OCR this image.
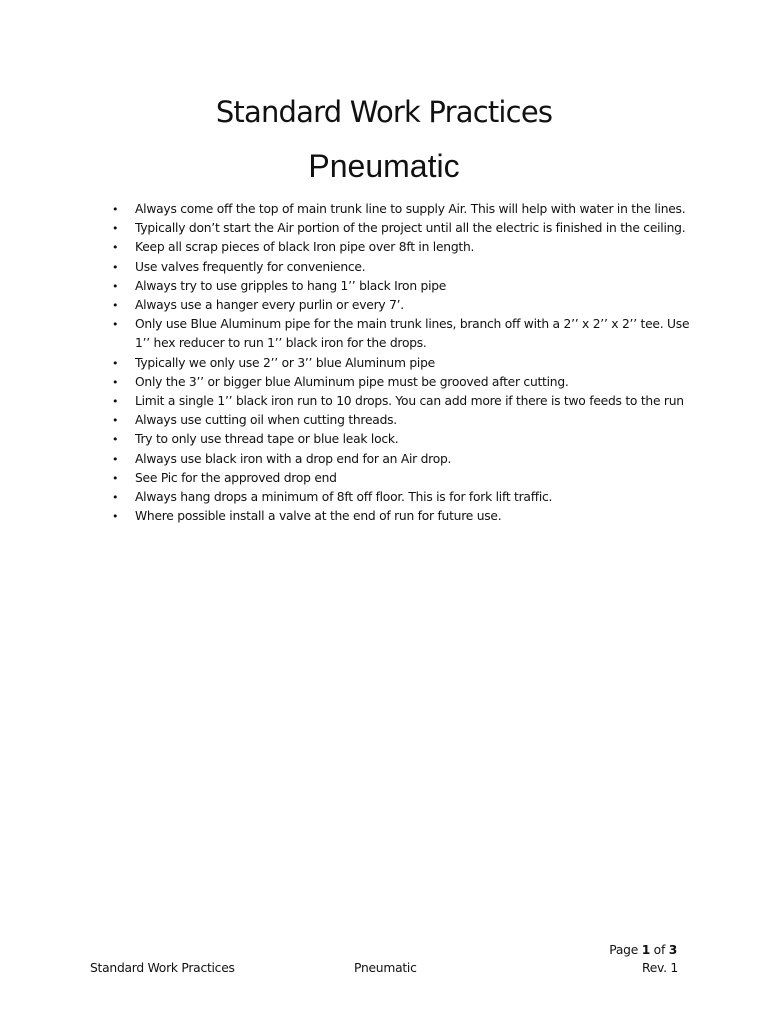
Standard Work Practices
Pneumatic
•	Always come off the top of main trunk line to supply Air. This will help with water in the lines.
•	Typically don’t start the Air portion of the project until all the electric is finished in the ceiling.
•	Keep all scrap pieces of black Iron pipe over 8ft in length.
•	Use valves frequently for convenience.
•	Always try to use gripples to hang 1’’ black Iron pipe
•	Always use a hanger every purlin or every 7’.
•	Only use Blue Aluminum pipe for the main trunk lines, branch off with a 2’’ x 2’’ x 2’’ tee. Use 1’’ hex reducer to run 1’’ black iron for the drops.
•	Typically we only use 2’’ or 3’’ blue Aluminum pipe
•	Only the 3’’ or bigger blue Aluminum pipe must be grooved after cutting.
•	Limit a single 1’’ black iron run to 10 drops. You can add more if there is two feeds to the run
•	Always use cutting oil when cutting threads.
•	Try to only use thread tape or blue leak lock.
•	Always use black iron with a drop end for an Air drop.
•	See Pic for the approved drop end
•	Always hang drops a minimum of 8ft off floor. This is for fork lift traffic.
•	Where possible install a valve at the end of run for future use.
Page 1 of 3
Standard Work Practices	Pneumatic	Rev. 1
